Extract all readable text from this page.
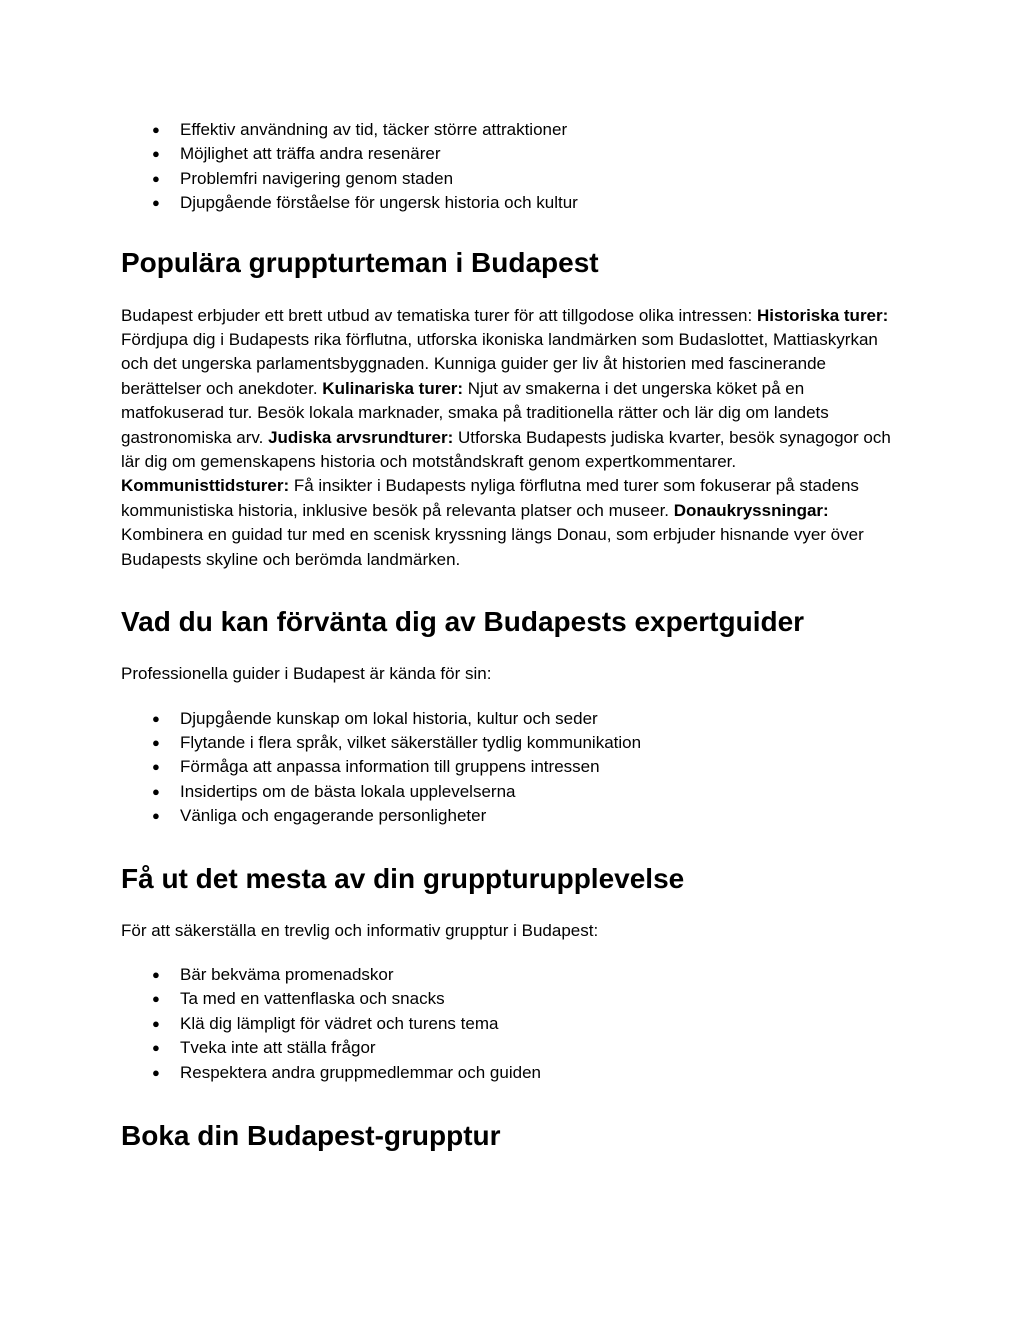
● Effektiv användning av tid, täcker större attraktioner
● Möjlighet att träffa andra resenärer
● Problemfri navigering genom staden
● Djupgående förståelse för ungersk historia och kultur
Populära gruppturteman i Budapest

Budapest erbjuder ett brett utbud av tematiska turer för att tillgodose olika intressen: Historiska turer: Fördjupa dig i Budapests rika förflutna, utforska ikoniska landmärken som Budaslottet, Mattiaskyrkan och det ungerska parlamentsbyggnaden. Kunniga guider ger liv åt historien med fascinerande berättelser och anekdoter. Kulinariska turer: Njut av smakerna i det ungerska köket på en matfokuserad tur. Besök lokala marknader, smaka på traditionella rätter och lär dig om landets gastronomiska arv. Judiska arvsrundturer: Utforska Budapests judiska kvarter, besök synagogor och lär dig om gemenskapens historia och motståndskraft genom expertkommentarer. Kommunisttidsturer: Få insikter i Budapests nyliga förflutna med turer som fokuserar på stadens kommunistiska historia, inklusive besök på relevanta platser och museer. Donaukryssningar: Kombinera en guidad tur med en scenisk kryssning längs Donau, som erbjuder hisnande vyer över Budapests skyline och berömda landmärken.

Vad du kan förvänta dig av Budapests expertguider

Professionella guider i Budapest är kända för sin:

● Djupgående kunskap om lokal historia, kultur och seder
● Flytande i flera språk, vilket säkerställer tydlig kommunikation
● Förmåga att anpassa information till gruppens intressen
● Insidertips om de bästa lokala upplevelserna
● Vänliga och engagerande personligheter
Få ut det mesta av din gruppturupplevelse

För att säkerställa en trevlig och informativ grupptur i Budapest:

● Bär bekväma promenadskor
● Ta med en vattenflaska och snacks
● Klä dig lämpligt för vädret och turens tema
● Tveka inte att ställa frågor
● Respektera andra gruppmedlemmar och guiden
Boka din Budapest-grupptur
